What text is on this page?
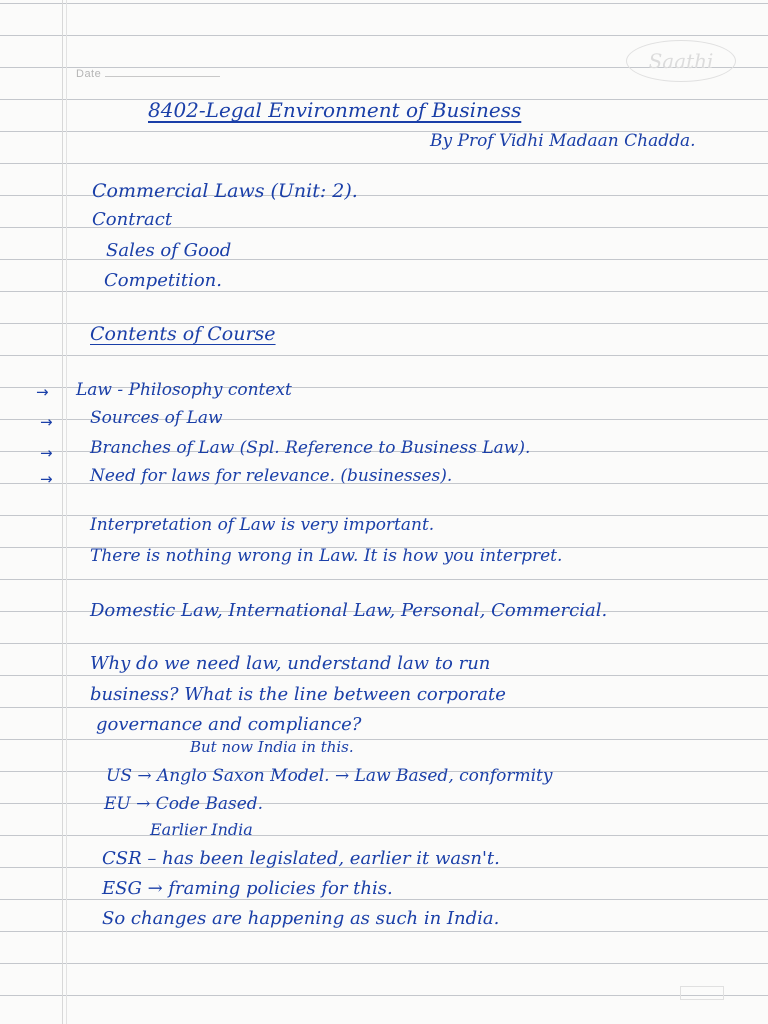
Date
Saathi
8402-Legal Environment of Business
By Prof Vidhi Madaan Chadda.
Commercial Laws (Unit: 2).
Contract
Sales of Good
Competition.
Contents of Course
→ Law - Philosophy context
→ Sources of Law
→ Branches of Law (Spl. Reference to Business Law).
→ Need for laws for relevance. (businesses).
Interpretation of Law is very important.
There is nothing wrong in Law. It is how you interpret.
Domestic Law, International Law, Personal, Commercial.
Why do we need law, understand law to run
business? What is the line between corporate
governance and compliance?
But now India in this.
US → Anglo Saxon Model. → Law Based, conformity
EU → Code Based.
Earlier India
CSR – has been legislated, earlier it wasn't.
ESG → framing policies for this.
So changes are happening as such in India.
